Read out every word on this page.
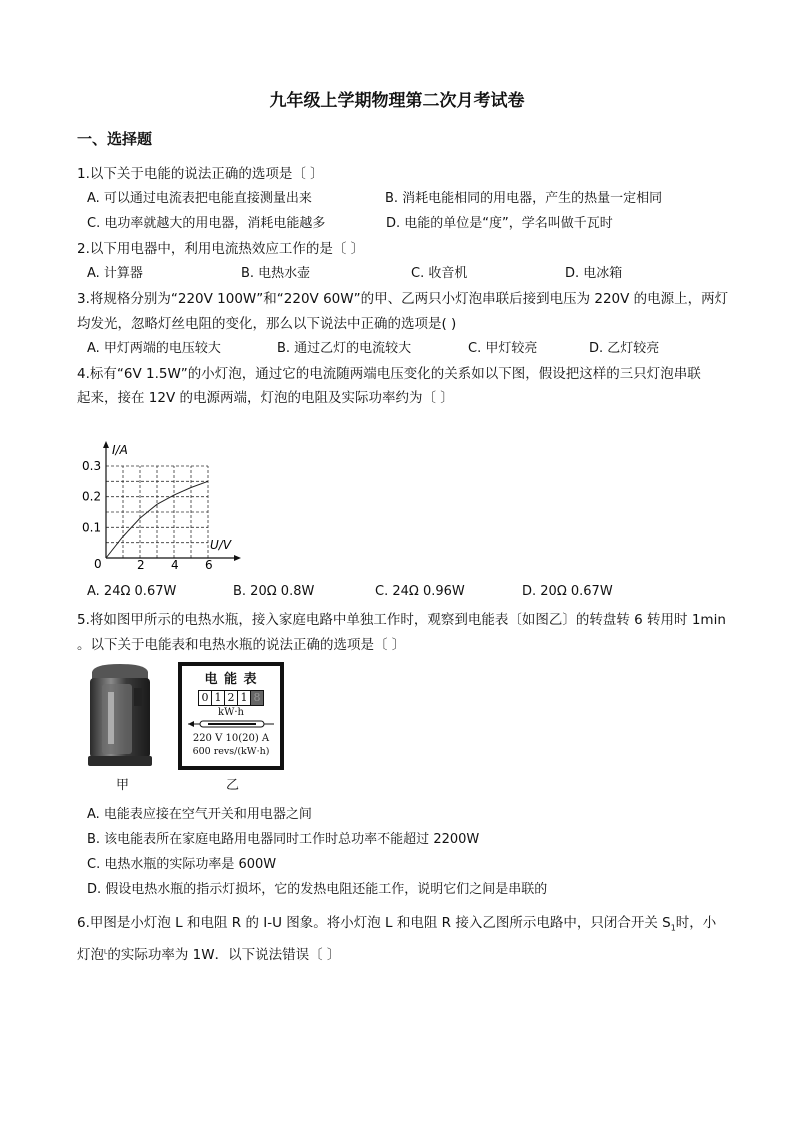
九年级上学期物理第二次月考试卷
一、选择题
1.以下关于电能的说法正确的选项是〔 〕
A. 可以通过电流表把电能直接测量出来	B. 消耗电能相同的用电器，产生的热量一定相同
C. 电功率就越大的用电器，消耗电能越多	D. 电能的单位是“度”，学名叫做千瓦时
2.以下用电器中，利用电流热效应工作的是〔 〕
A. 计算器	B. 电热水壶	C. 收音机	D. 电冰箱
3.将规格分别为“220V 100W”和“220V 60W”的甲、乙两只小灯泡串联后接到电压为 220V 的电源上，两灯
均发光，忽略灯丝电阻的变化，那么以下说法中正确的选项是( )
A. 甲灯两端的电压较大	B. 通过乙灯的电流较大	C. 甲灯较亮	D. 乙灯较亮
4.标有“6V 1.5W”的小灯泡，通过它的电流随两端电压变化的关系如以下图，假设把这样的三只灯泡串联
起来，接在 12V 的电源两端，灯泡的电阻及实际功率约为〔 〕
I/A
U/V
0	2 4 6
0.1
0.2
0.3
A. 24Ω 0.67W	B. 20Ω 0.8W	C. 24Ω 0.96W	D. 20Ω 0.67W
5.将如图甲所示的电热水瓶，接入家庭电路中单独工作时，观察到电能表〔如图乙〕的转盘转 6 转用时 1min
。以下关于电能表和电热水瓶的说法正确的选项是〔 〕
甲
电 能 表
0 1 2 1 8
kW·h
220 V 10(20) A
600 revs/(kW·h)
乙
A. 电能表应接在空气开关和用电器之间
B. 该电能表所在家庭电路用电器同时工作时总功率不能超过 2200W
C. 电热水瓶的实际功率是 600W
D. 假设电热水瓶的指示灯损坏，它的发热电阻还能工作，说明它们之间是串联的
6.甲图是小灯泡 L 和电阻 R 的 I-U 图象。将小灯泡 L 和电阻 R 接入乙图所示电路中，只闭合开关 $S_1$时，小
灯泡$^L$的实际功率为 1W．以下说法错误〔 〕
